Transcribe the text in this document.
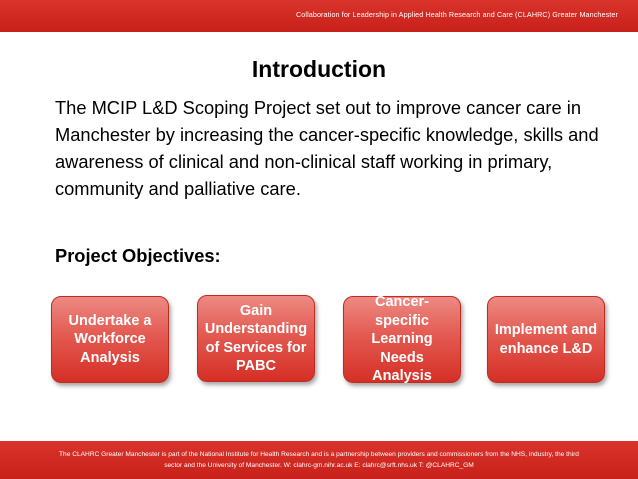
Collaboration for Leadership in Applied Health Research and Care (CLAHRC) Greater Manchester
Introduction
The MCIP L&D Scoping Project set out to improve cancer care in Manchester by increasing the cancer-specific knowledge, skills and awareness of clinical and non-clinical staff working in primary, community and palliative care.
Project Objectives:
Undertake a Workforce Analysis
Gain Understanding of Services for PABC
Cancer-specific Learning Needs Analysis
Implement and enhance L&D
The CLAHRC Greater Manchester is part of the National Institute for Health Research and is a partnership between providers and commissioners from the NHS, industry, the third
sector and the University of Manchester. W: clahrc-gm.nihr.ac.uk E: clahrc@srft.nhs.uk T: @CLAHRC_GM
